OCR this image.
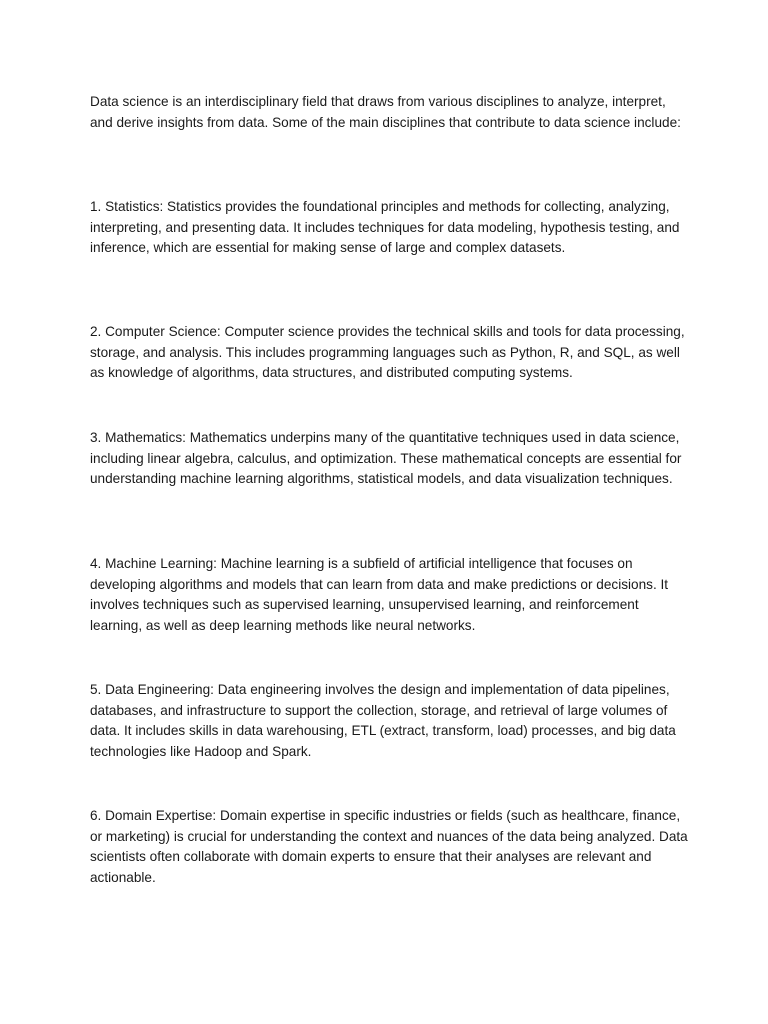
Data science is an interdisciplinary field that draws from various disciplines to analyze, interpret, and derive insights from data. Some of the main disciplines that contribute to data science include:

1. Statistics: Statistics provides the foundational principles and methods for collecting, analyzing, interpreting, and presenting data. It includes techniques for data modeling, hypothesis testing, and inference, which are essential for making sense of large and complex datasets.

2. Computer Science: Computer science provides the technical skills and tools for data processing, storage, and analysis. This includes programming languages such as Python, R, and SQL, as well as knowledge of algorithms, data structures, and distributed computing systems.

3. Mathematics: Mathematics underpins many of the quantitative techniques used in data science, including linear algebra, calculus, and optimization. These mathematical concepts are essential for understanding machine learning algorithms, statistical models, and data visualization techniques.

4. Machine Learning: Machine learning is a subfield of artificial intelligence that focuses on developing algorithms and models that can learn from data and make predictions or decisions. It involves techniques such as supervised learning, unsupervised learning, and reinforcement learning, as well as deep learning methods like neural networks.

5. Data Engineering: Data engineering involves the design and implementation of data pipelines, databases, and infrastructure to support the collection, storage, and retrieval of large volumes of data. It includes skills in data warehousing, ETL (extract, transform, load) processes, and big data technologies like Hadoop and Spark.

6. Domain Expertise: Domain expertise in specific industries or fields (such as healthcare, finance, or marketing) is crucial for understanding the context and nuances of the data being analyzed. Data scientists often collaborate with domain experts to ensure that their analyses are relevant and actionable.
